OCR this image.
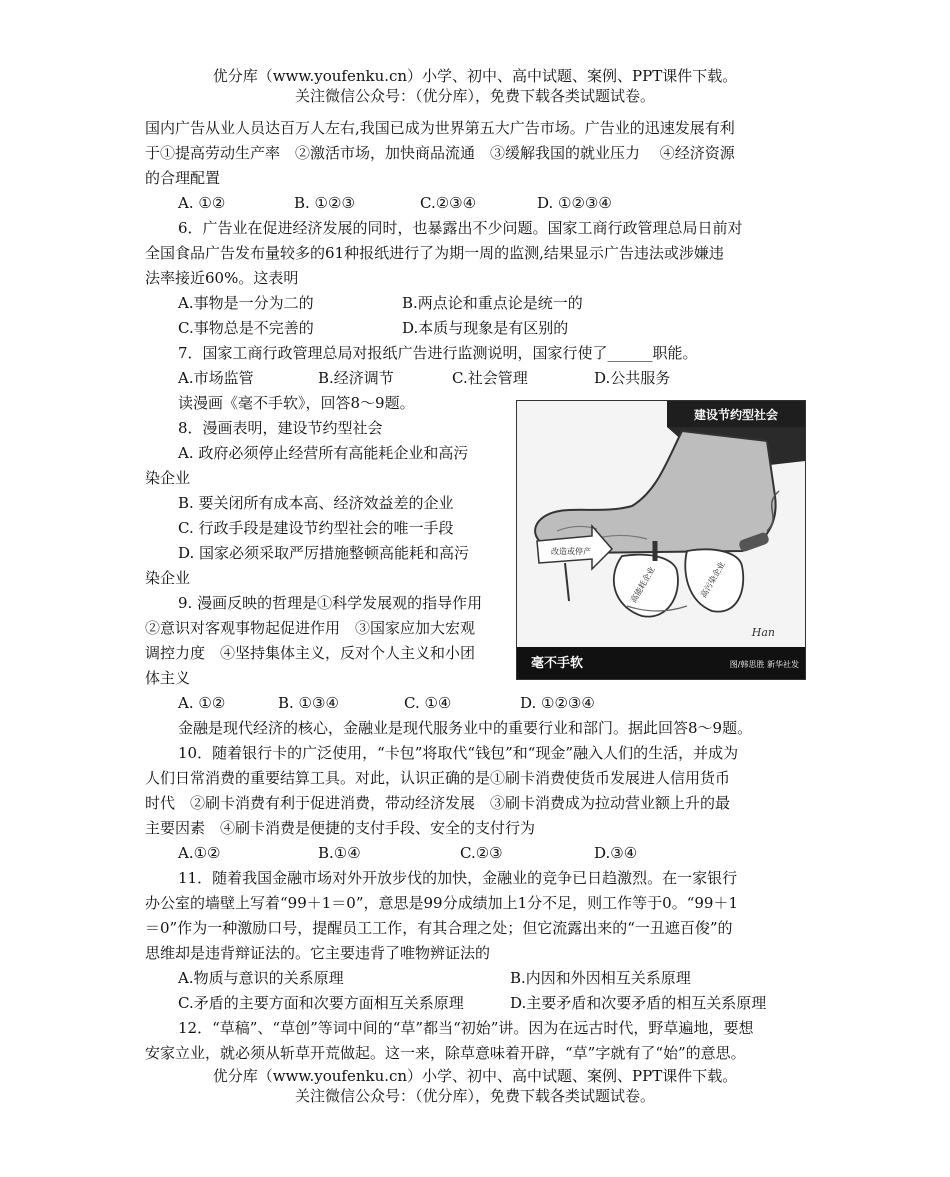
优分库（www.youfenku.cn）小学、初中、高中试题、案例、PPT课件下载。
关注微信公众号：（优分库），免费下载各类试题试卷。
国内广告从业人员达百万人左右,我国已成为世界第五大广告市场。广告业的迅速发展有利
于①提高劳动生产率　②激活市场，加快商品流通　③缓解我国的就业压力　 ④经济资源
的合理配置
A. ①②	B. ①②③	C.②③④	D. ①②③④
6．广告业在促进经济发展的同时，也暴露出不少问题。国家工商行政管理总局日前对
全国食品广告发布量较多的61种报纸进行了为期一周的监测,结果显示广告违法或涉嫌违
法率接近60%。这表明
A.事物是一分为二的	B.两点论和重点论是统一的
C.事物总是不完善的	D.本质与现象是有区别的
7．国家工商行政管理总局对报纸广告进行监测说明，国家行使了______职能。
A.市场监管	B.经济调节	C.社会管理	D.公共服务
读漫画《毫不手软》，回答8～9题。
8．漫画表明，建设节约型社会
A. 政府必须停止经营所有高能耗企业和高污
染企业
B. 要关闭所有成本高、经济效益差的企业
C. 行政手段是建设节约型社会的唯一手段
D. 国家必须采取严厉措施整顿高能耗和高污
染企业
9. 漫画反映的哲理是①科学发展观的指导作用
②意识对客观事物起促进作用　③国家应加大宏观
调控力度　④坚持集体主义，反对个人主义和小团
体主义
A. ①②	B. ①③④	C. ①④	D. ①②③④
建设节约型社会
改造或停产
高能耗企业	高污染企业
Han
毫不手软	图/韩思胜 新华社发
金融是现代经济的核心，金融业是现代服务业中的重要行业和部门。据此回答8～9题。
10．随着银行卡的广泛使用，“卡包”将取代“钱包”和“现金”融入人们的生活，并成为
人们日常消费的重要结算工具。对此，认识正确的是①刷卡消费使货币发展进人信用货币
时代　②刷卡消费有利于促进消费，带动经济发展　③刷卡消费成为拉动营业额上升的最
主要因素　④刷卡消费是便捷的支付手段、安全的支付行为
A.①②	B.①④	C.②③	D.③④
11．随着我国金融市场对外开放步伐的加快，金融业的竞争已日趋激烈。在一家银行
办公室的墙壁上写着“99＋1＝0”，意思是99分成绩加上1分不足，则工作等于0。“99＋1
＝0”作为一种激励口号，提醒员工工作，有其合理之处；但它流露出来的“一丑遮百俊”的
思维却是违背辩证法的。它主要违背了唯物辨证法的
A.物质与意识的关系原理	B.内因和外因相互关系原理
C.矛盾的主要方面和次要方面相互关系原理	D.主要矛盾和次要矛盾的相互关系原理
12．“草稿”、“草创”等词中间的“草”都当“初始”讲。因为在远古时代，野草遍地，要想
安家立业，就必须从斩草开荒做起。这一来，除草意味着开辟，“草”字就有了“始”的意思。
优分库（www.youfenku.cn）小学、初中、高中试题、案例、PPT课件下载。
关注微信公众号：（优分库），免费下载各类试题试卷。
